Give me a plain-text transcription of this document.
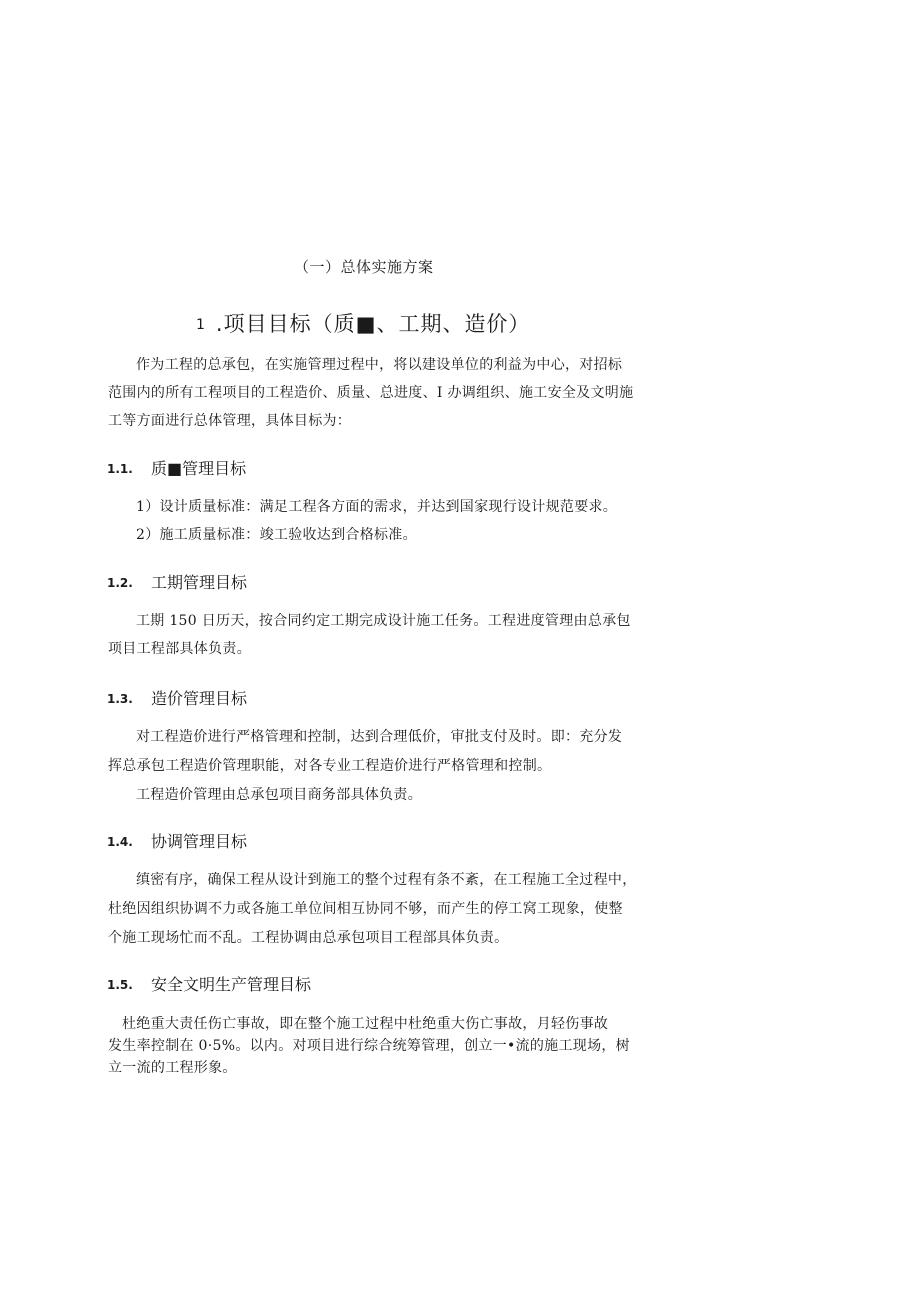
（一）总体实施方案
1 .项目目标（质■、工期、造价）
作为工程的总承包，在实施管理过程中，将以建设单位的利益为中心，对招标
范围内的所有工程项目的工程造价、质量、总进度、I 办调组织、施工安全及文明施
工等方面进行总体管理，具体目标为：
1.1. 质■管理目标
1）设计质量标准：满足工程各方面的需求，并达到国家现行设计规范要求。
2）施工质量标准：竣工验收达到合格标准。
1.2. 工期管理目标
工期 150 日历天，按合同约定工期完成设计施工任务。工程进度管理由总承包
项目工程部具体负责。
1.3. 造价管理目标
对工程造价进行严格管理和控制，达到合理低价，审批支付及时。即：充分发
挥总承包工程造价管理职能，对各专业工程造价进行严格管理和控制。
工程造价管理由总承包项目商务部具体负责。
1.4. 协调管理目标
缜密有序，确保工程从设计到施工的整个过程有条不紊，在工程施工全过程中，
杜绝因组织协调不力或各施工单位间相互协同不够，而产生的停工窝工现象，使整
个施工现场忙而不乱。工程协调由总承包项目工程部具体负责。
1.5. 安全文明生产管理目标
杜绝重大责任伤亡事故，即在整个施工过程中杜绝重大伤亡事故，月轻伤事故
发生率控制在 0·5%。以内。对项目进行综合统筹管理，创立一•流的施工现场，树
立一流的工程形象。
